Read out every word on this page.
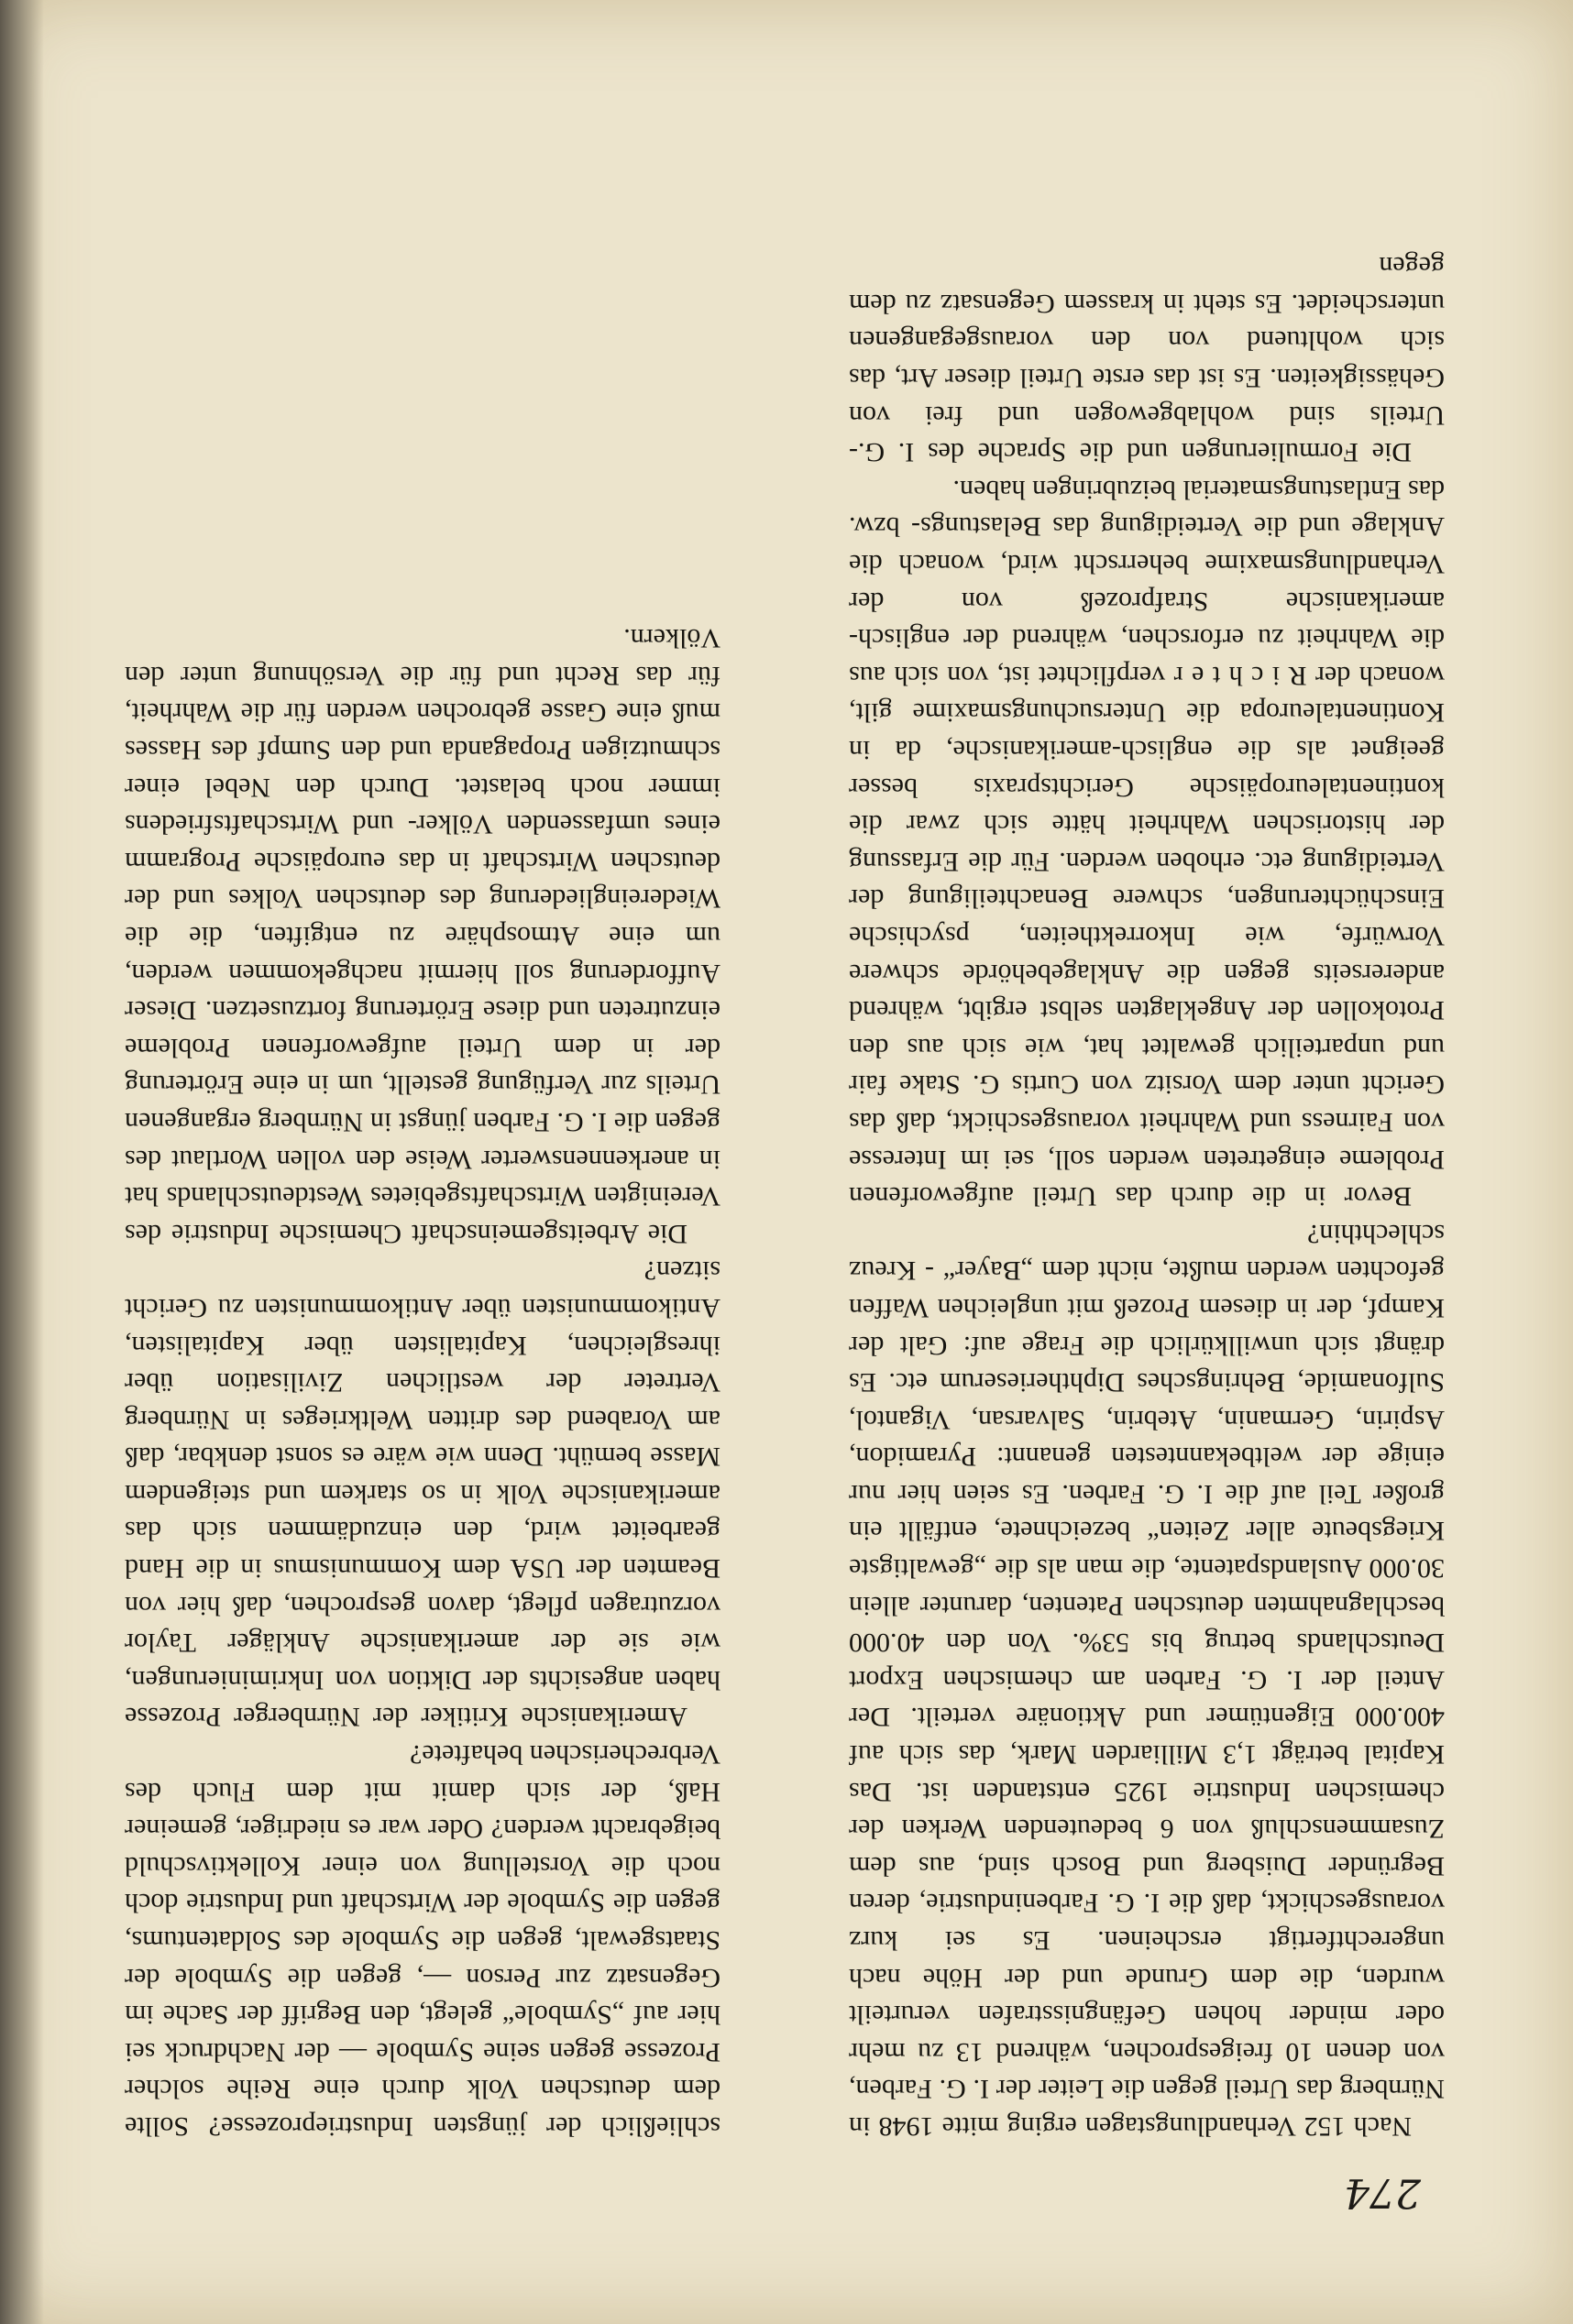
274

Nach 152 Verhandlungstagen erging mitte 1948 in Nürnberg das Urteil gegen die Leiter der I. G. Farben, von denen 10 freigesprochen, während 13 zu mehr oder minder hohen Gefängnisstrafen verurteilt wurden, die dem Grunde und der Höhe nach ungerechtfertigt erscheinen. Es sei kurz vorausgeschickt, daß die I. G. Farbenindustrie, deren Begründer Duisberg und Bosch sind, aus dem Zusammenschluß von 6 bedeutenden Werken der chemischen Industrie 1925 entstanden ist. Das Kapital beträgt 1,3 Milliarden Mark, das sich auf 400.000 Eigentümer und Aktionäre verteilt. Der Anteil der I. G. Farben am chemischen Export Deutschlands betrug bis 53%. Von den 40.000 beschlagnahmten deutschen Patenten, darunter allein 30.000 Auslandspatente, die man als die „gewaltigste Kriegsbeute aller Zeiten“ bezeichnete, entfällt ein großer Teil auf die I. G. Farben. Es seien hier nur einige der weltbekanntesten genannt: Pyramidon, Aspirin, Germanin, Atebrin, Salvarsan, Vigantol, Sulfonamide, Behringsches Diphtherieserum etc. Es drängt sich unwillkürlich die Frage auf: Galt der Kampf, der in diesem Prozeß mit ungleichen Waffen gefochten werden mußte, nicht dem „Bayer“ - Kreuz schlechthin?

Bevor in die durch das Urteil aufgeworfenen Probleme eingetreten werden soll, sei im Interesse von Fairness und Wahrheit vorausgeschickt, daß das Gericht unter dem Vorsitz von Curtis G. Stake fair und unparteilich gewaltet hat, wie sich aus den Protokollen der Angeklagten selbst ergibt, während andererseits gegen die Anklagebehörde schwere Vorwürfe, wie Inkorrektheiten, psychische Einschüchterungen, schwere Benachteiligung der Verteidigung etc. erhoben werden. Für die Erfassung der historischen Wahrheit hätte sich zwar die kontinentaleuropäische Gerichtspraxis besser geeignet als die englisch-amerikanische, da in Kontinentaleuropa die Untersuchungsmaxime gilt, wonach der R i c h t e r verpflichtet ist, von sich aus die Wahrheit zu erforschen, während der englisch-amerikanische Strafprozeß von der Verhandlungsmaxime beherrscht wird, wonach die Anklage und die Verteidigung das Belastungs- bzw. das Entlastungsmaterial beizubringen haben.

Die Formulierungen und die Sprache des I. G.-Urteils sind wohlabgewogen und frei von Gehässigkeiten. Es ist das erste Urteil dieser Art, das sich wohltuend von den vorausgegangenen unterscheidet. Es steht in krassem Gegensatz zu dem gegen

schließlich der jüngsten Industrieprozesse? Sollte dem deutschen Volk durch eine Reihe solcher Prozesse gegen seine Symbole — der Nachdruck sei hier auf „Symbole“ gelegt, den Begriff der Sache im Gegensatz zur Person —, gegen die Symbole der Staatsgewalt, gegen die Symbole des Soldatentums, gegen die Symbole der Wirtschaft und Industrie doch noch die Vorstellung von einer Kollektivschuld beigebracht werden? Oder war es niedriger, gemeiner Haß, der sich damit mit dem Fluch des Verbrecherischen behaftete?

Amerikanische Kritiker der Nürnberger Prozesse haben angesichts der Diktion von Inkriminierungen, wie sie der amerikanische Ankläger Taylor vorzutragen pflegt, davon gesprochen, daß hier von Beamten der USA dem Kommunismus in die Hand gearbeitet wird, den einzudämmen sich das amerikanische Volk in so starkem und steigendem Masse bemüht. Denn wie wäre es sonst denkbar, daß am Vorabend des dritten Weltkrieges in Nürnberg Vertreter der westlichen Zivilisation über ihresgleichen, Kapitalisten über Kapitalisten, Antikommunisten über Antikommunisten zu Gericht sitzen?

Die Arbeitsgemeinschaft Chemische Industrie des Vereinigten Wirtschaftsgebietes Westdeutschlands hat in anerkennenswerter Weise den vollen Wortlaut des gegen die I. G. Farben jüngst in Nürnberg ergangenen Urteils zur Verfügung gestellt, um in eine Erörterung der in dem Urteil aufgeworfenen Probleme einzutreten und diese Erörterung fortzusetzen. Dieser Aufforderung soll hiermit nachgekommen werden, um eine Atmosphäre zu entgiften, die die Wiedereingliederung des deutschen Volkes und der deutschen Wirtschaft in das europäische Programm eines umfassenden Völker- und Wirtschaftsfriedens immer noch belastet. Durch den Nebel einer schmutzigen Propaganda und den Sumpf des Hasses muß eine Gasse gebrochen werden für die Wahrheit, für das Recht und für die Versöhnung unter den Völkern.
